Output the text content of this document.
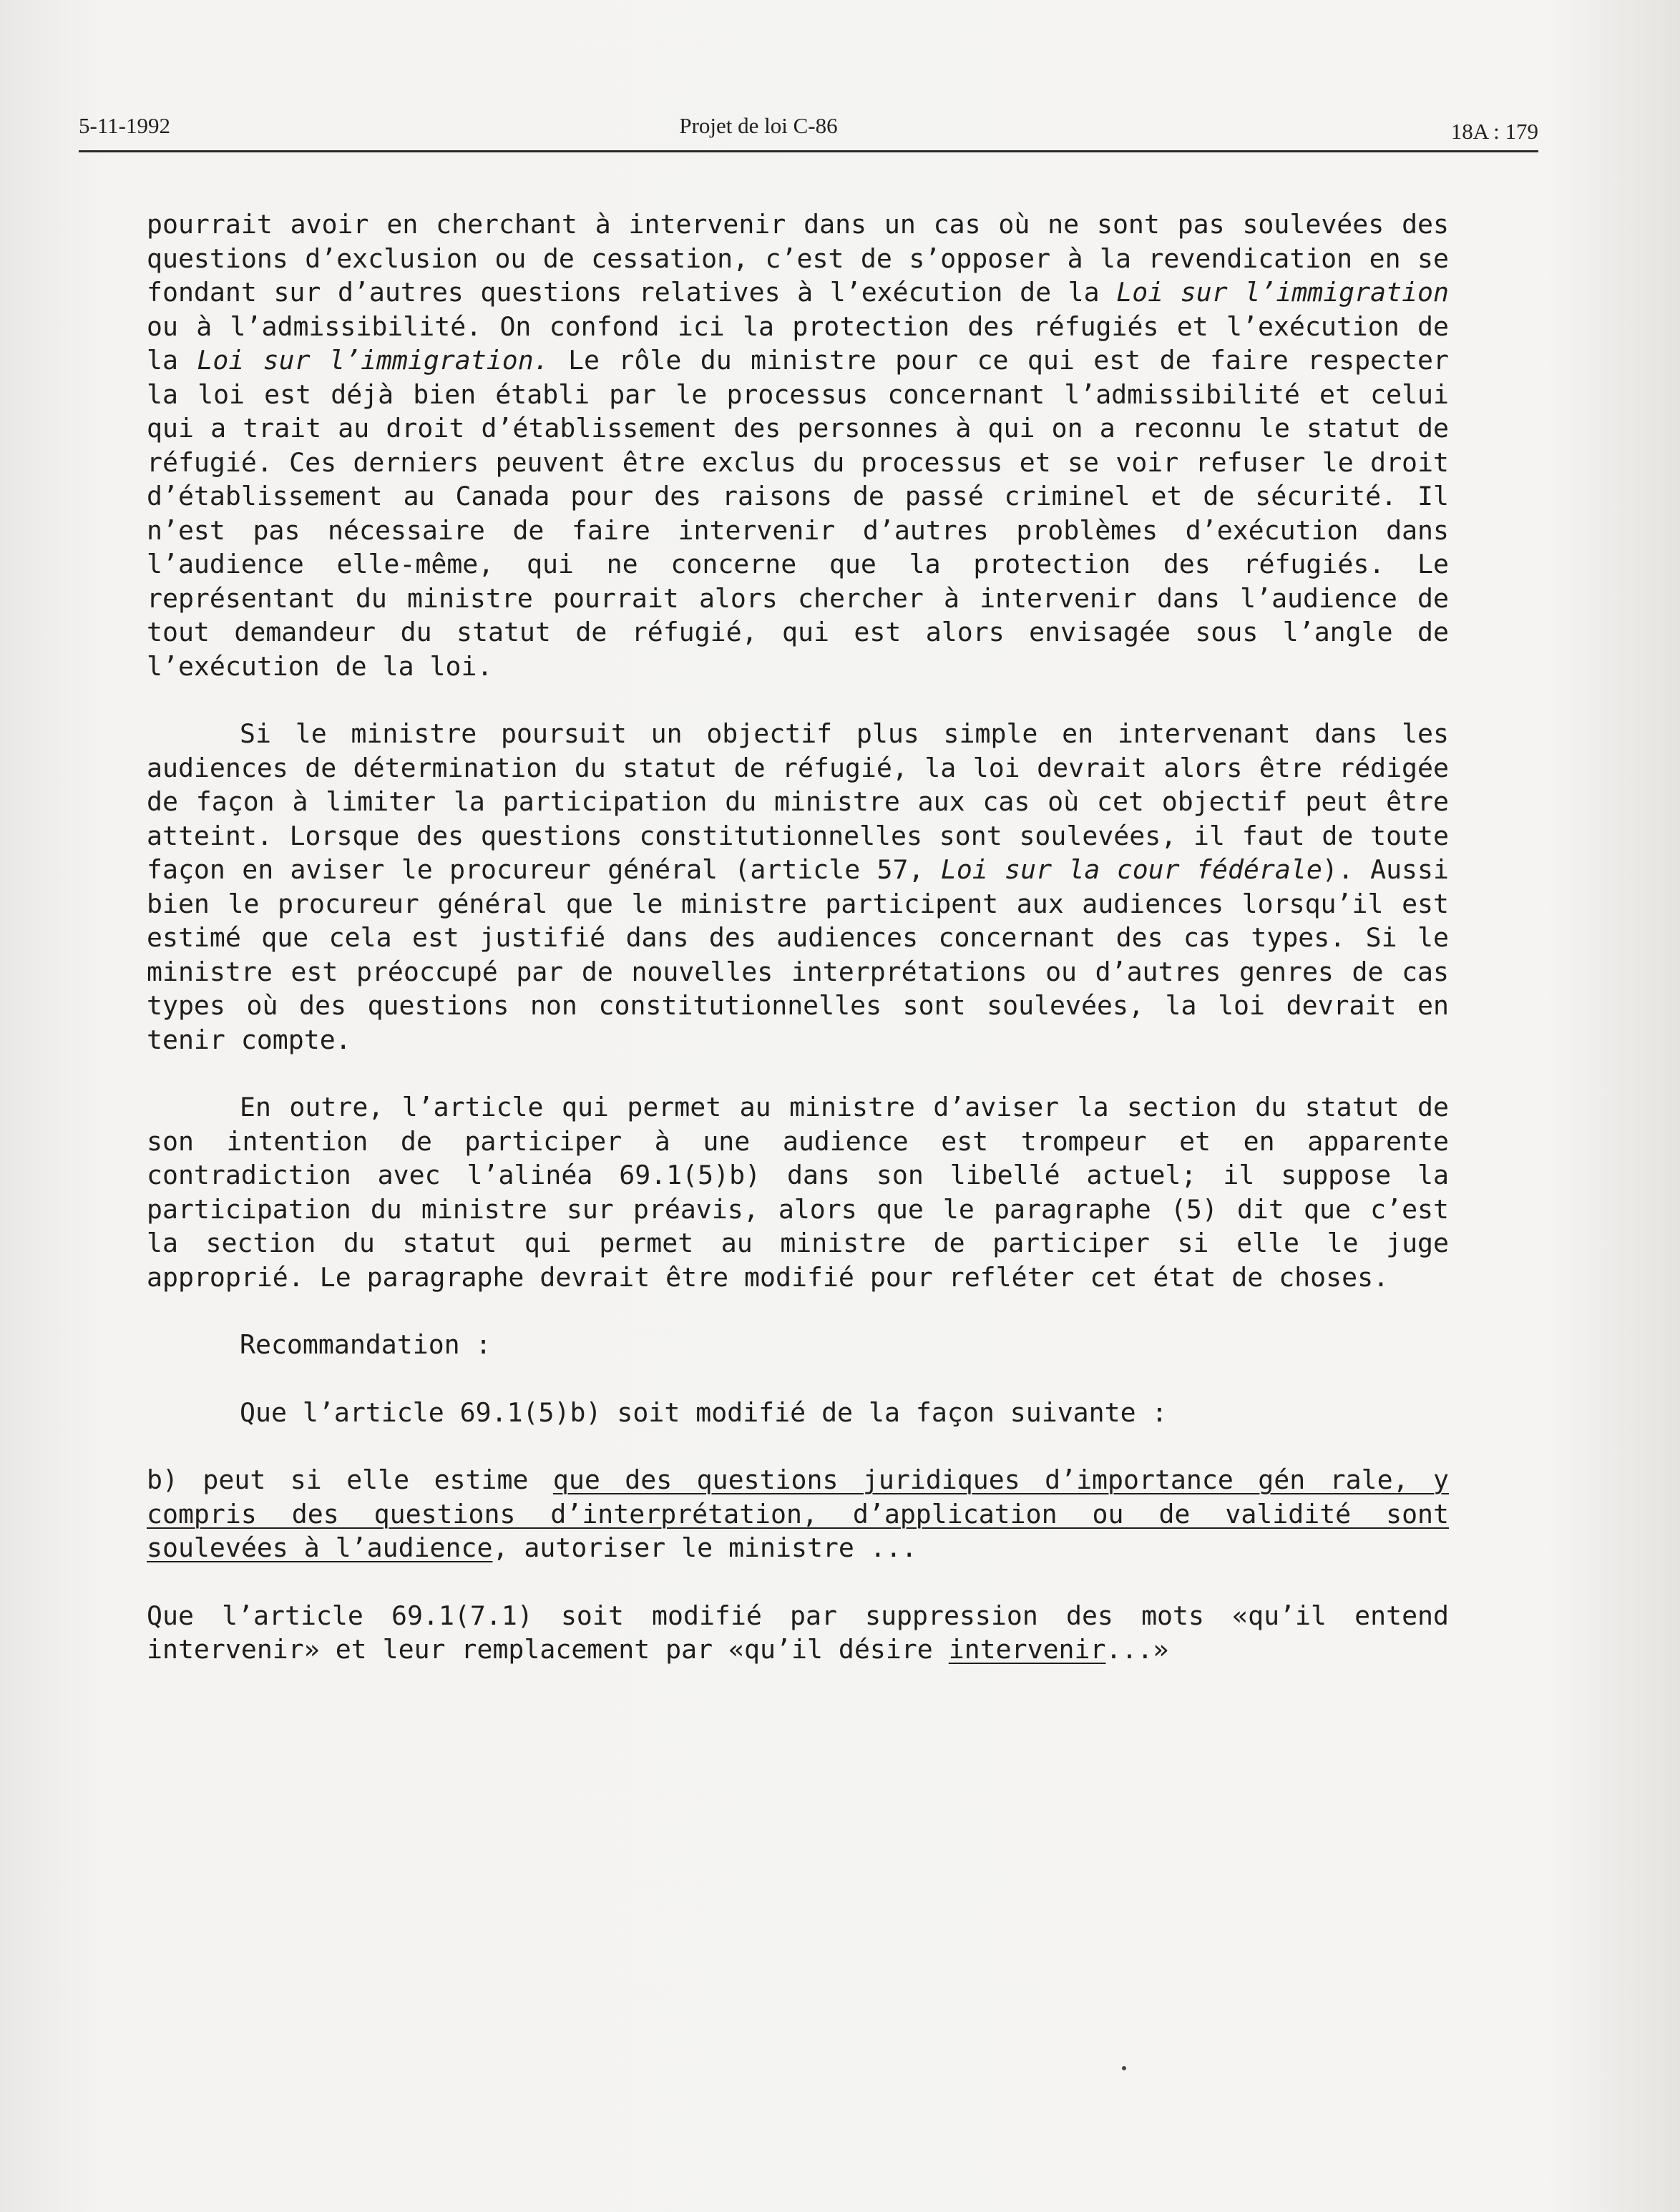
5-11-1992	Projet de loi C-86	18A : 179

pourrait avoir en cherchant à intervenir dans un cas où ne sont pas soulevées des questions d’exclusion ou de cessation, c’est de s’opposer à la revendication en se fondant sur d’autres questions relatives à l’exécution de la Loi sur l’immigration ou à l’admissibilité. On confond ici la protection des réfugiés et l’exécution de la Loi sur l’immigration. Le rôle du ministre pour ce qui est de faire respecter la loi est déjà bien établi par le processus concernant l’admissibilité et celui qui a trait au droit d’établissement des personnes à qui on a reconnu le statut de réfugié. Ces derniers peuvent être exclus du processus et se voir refuser le droit d’établissement au Canada pour des raisons de passé criminel et de sécurité. Il n’est pas nécessaire de faire intervenir d’autres problèmes d’exécution dans l’audience elle-même, qui ne concerne que la protection des réfugiés. Le représentant du ministre pourrait alors chercher à intervenir dans l’audience de tout demandeur du statut de réfugié, qui est alors envisagée sous l’angle de l’exécution de la loi.

Si le ministre poursuit un objectif plus simple en intervenant dans les audiences de détermination du statut de réfugié, la loi devrait alors être rédigée de façon à limiter la participation du ministre aux cas où cet objectif peut être atteint. Lorsque des questions constitutionnelles sont soulevées, il faut de toute façon en aviser le procureur général (article 57, Loi sur la cour fédérale). Aussi bien le procureur général que le ministre participent aux audiences lorsqu’il est estimé que cela est justifié dans des audiences concernant des cas types. Si le ministre est préoccupé par de nouvelles interprétations ou d’autres genres de cas types où des questions non constitutionnelles sont soulevées, la loi devrait en tenir compte.

En outre, l’article qui permet au ministre d’aviser la section du statut de son intention de participer à une audience est trompeur et en apparente contradiction avec l’alinéa 69.1(5)b) dans son libellé actuel; il suppose la participation du ministre sur préavis, alors que le paragraphe (5) dit que c’est la section du statut qui permet au ministre de participer si elle le juge approprié. Le paragraphe devrait être modifié pour refléter cet état de choses.

Recommandation :

Que l’article 69.1(5)b) soit modifié de la façon suivante :

b) peut si elle estime que des questions juridiques d’importance gén rale, y compris des questions d’interprétation, d’application ou de validité sont soulevées à l’audience, autoriser le ministre ...

Que l’article 69.1(7.1) soit modifié par suppression des mots «qu’il entend intervenir» et leur remplacement par «qu’il désire intervenir...»
